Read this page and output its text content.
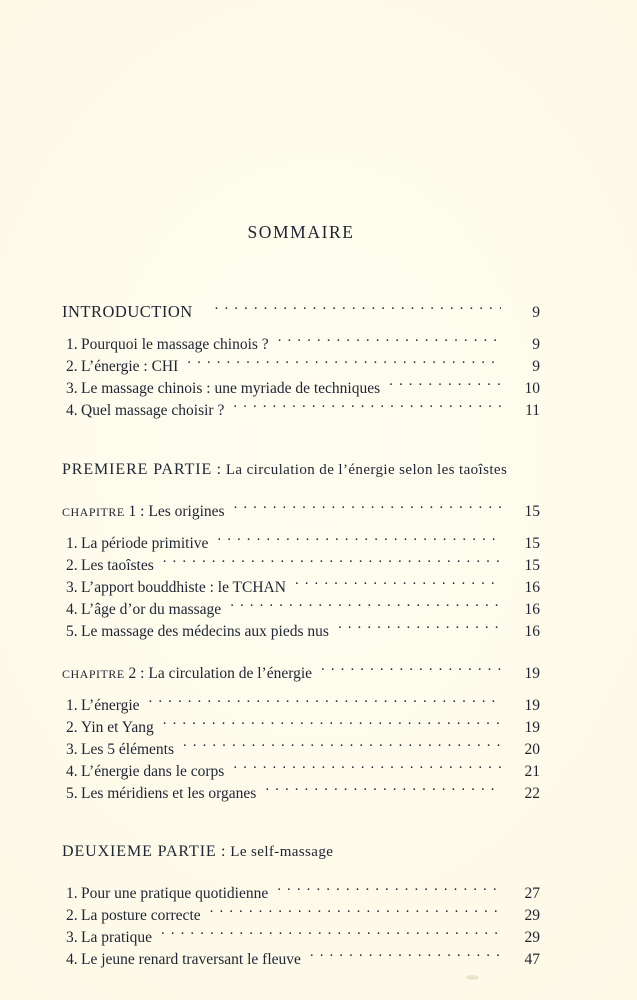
SOMMAIRE
INTRODUCTION . . .	9
1. Pourquoi le massage chinois ? . . .	9
2. L’énergie : CHI . . .	9
3. Le massage chinois : une myriade de techniques . . .	10
4. Quel massage choisir ? . . .	11
PREMIERE PARTIE : La circulation de l’énergie selon les taoîstes
chapitre 1 : Les origines . . .	15
1. La période primitive . . .	15
2. Les taoîstes . . .	15
3. L’apport bouddhiste : le TCHAN . . .	16
4. L’âge d’or du massage . . .	16
5. Le massage des médecins aux pieds nus . . .	16
chapitre 2 : La circulation de l’énergie . . .	19
1. L’énergie . . .	19
2. Yin et Yang . . .	19
3. Les 5 éléments . . .	20
4. L’énergie dans le corps . . .	21
5. Les méridiens et les organes . . .	22
DEUXIEME PARTIE : Le self-massage
1. Pour une pratique quotidienne . . .	27
2. La posture correcte . . .	29
3. La pratique . . .	29
4. Le jeune renard traversant le fleuve . . .	47
